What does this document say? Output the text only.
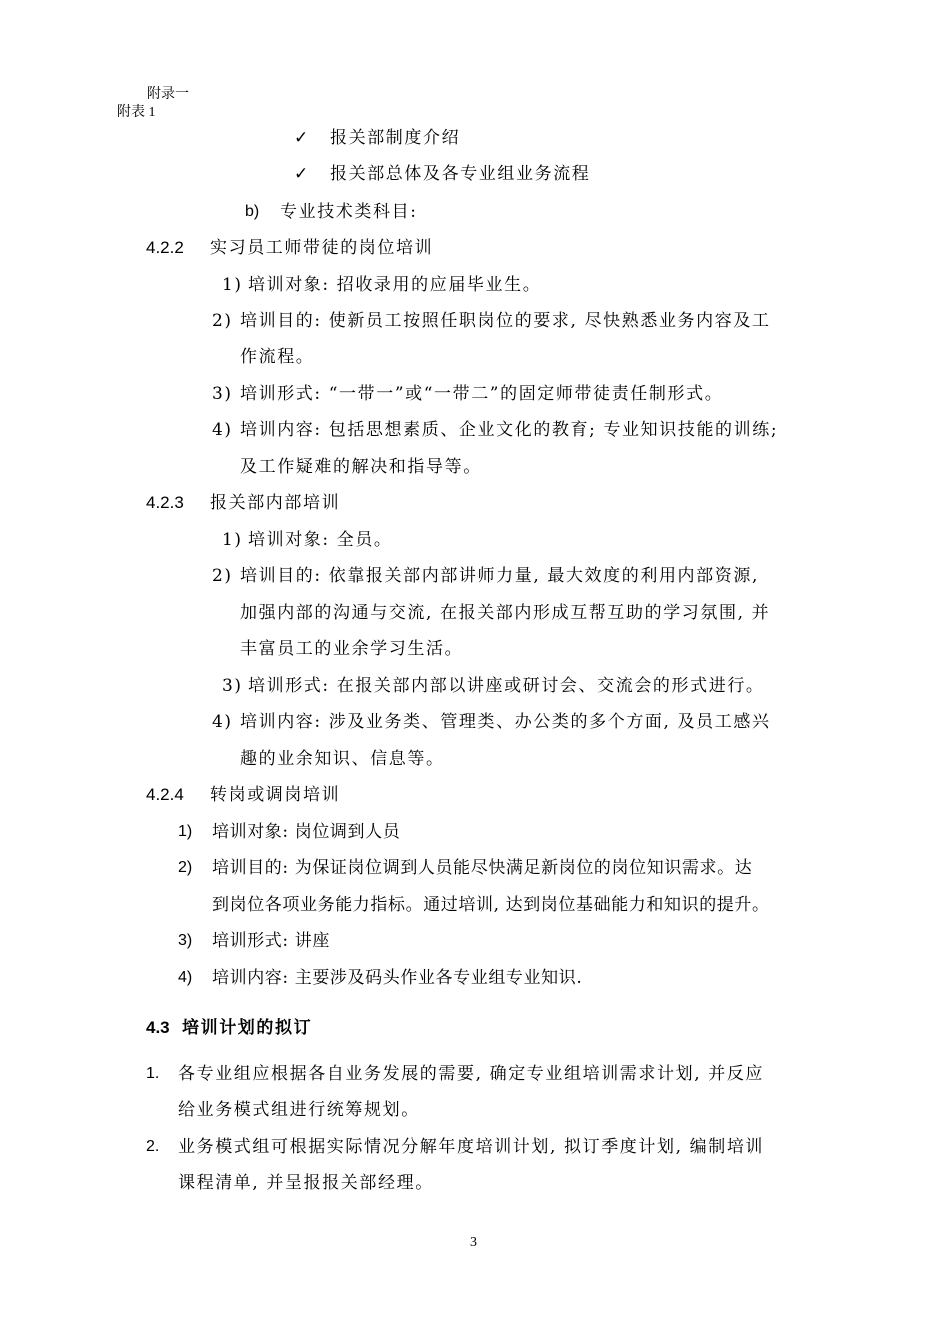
附录一
附表 1
✓ 报关部制度介绍
✓ 报关部总体及各专业组业务流程
b) 专业技术类科目:
4.2.2 实习员工师带徒的岗位培训
1) 培训对象: 招收录用的应届毕业生。
2) 培训目的: 使新员工按照任职岗位的要求, 尽快熟悉业务内容及工
作流程。
3) 培训形式: “一带一”或“一带二”的固定师带徒责任制形式。
4) 培训内容: 包括思想素质、企业文化的教育; 专业知识技能的训练;
及工作疑难的解决和指导等。
4.2.3 报关部内部培训
1) 培训对象: 全员。
2) 培训目的: 依靠报关部内部讲师力量, 最大效度的利用内部资源,
加强内部的沟通与交流, 在报关部内形成互帮互助的学习氛围, 并
丰富员工的业余学习生活。
3) 培训形式: 在报关部内部以讲座或研讨会、交流会的形式进行。
4) 培训内容: 涉及业务类、管理类、办公类的多个方面, 及员工感兴
趣的业余知识、信息等。
4.2.4 转岗或调岗培训
1) 培训对象: 岗位调到人员
2) 培训目的: 为保证岗位调到人员能尽快满足新岗位的岗位知识需求。达
到岗位各项业务能力指标。通过培训, 达到岗位基础能力和知识的提升。
3) 培训形式: 讲座
4) 培训内容: 主要涉及码头作业各专业组专业知识.
4.3 培训计划的拟订
1. 各专业组应根据各自业务发展的需要, 确定专业组培训需求计划, 并反应
给业务模式组进行统筹规划。
2. 业务模式组可根据实际情况分解年度培训计划, 拟订季度计划, 编制培训
课程清单, 并呈报报关部经理。
3
